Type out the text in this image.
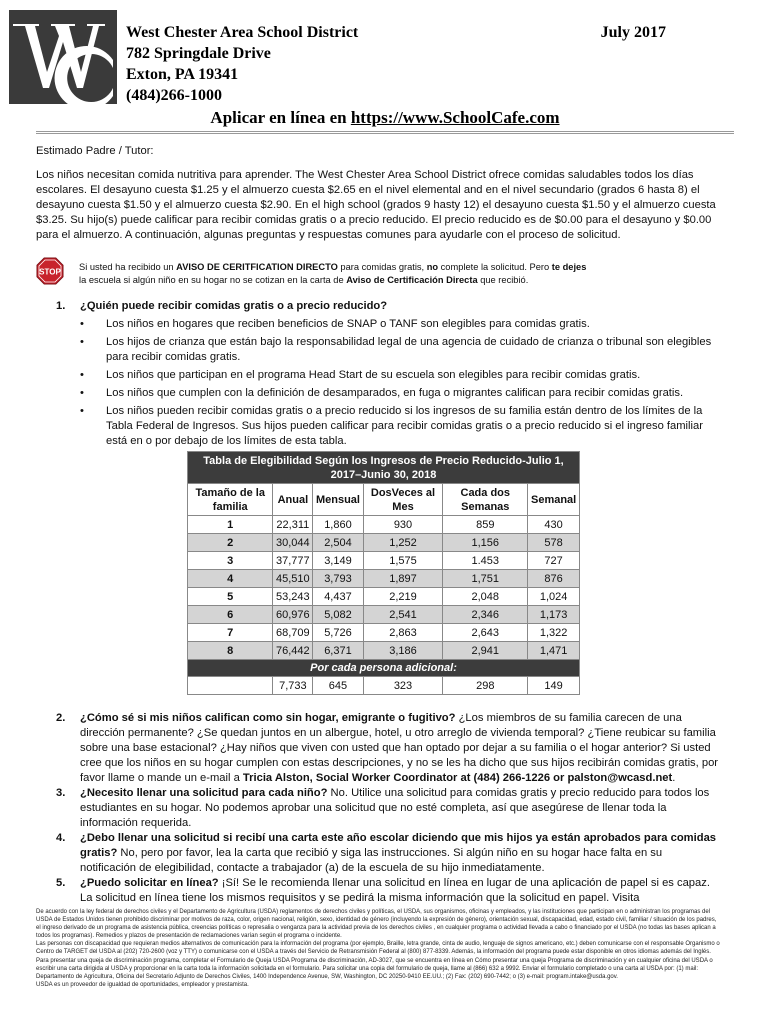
West Chester Area School District
782 Springdale Drive
Exton, PA 19341
(484)266-1000
July 2017
Aplicar en línea en https://www.SchoolCafe.com
Estimado Padre / Tutor:
Los niños necesitan comida nutritiva para aprender. The West Chester Area School District ofrece comidas saludables todos los días escolares. El desayuno cuesta $1.25 y el almuerzo cuesta $2.65 en el nivel elemental and en el nivel secundario (grados 6 hasta 8) el desayuno cuesta $1.50 y el almuerzo cuesta $2.90. En el high school (grados 9 hasty 12) el desayuno cuesta $1.50 y el almuerzo cuesta $3.25. Su hijo(s) puede calificar para recibir comidas gratis o a precio reducido. El precio reducido es de $0.00 para el desayuno y $0.00 para el almuerzo. A continuación, algunas preguntas y respuestas comunes para ayudarle con el proceso de solicitud.
STOP Si usted ha recibido un AVISO DE CERITFICATION DIRECTO para comidas gratis, no complete la solicitud. Pero te dejes
la escuela si algún niño en su hogar no se cotizan en la carta de Aviso de Certificación Directa que recibió.
1. ¿Quién puede recibir comidas gratis o a precio reducido?
• Los niños en hogares que reciben beneficios de SNAP o TANF son elegibles para comidas gratis.
• Los hijos de crianza que están bajo la responsabilidad legal de una agencia de cuidado de crianza o tribunal son elegibles para recibir comidas gratis.
• Los niños que participan en el programa Head Start de su escuela son elegibles para recibir comidas gratis.
• Los niños que cumplen con la definición de desamparados, en fuga o migrantes califican para recibir comidas gratis.
• Los niños pueden recibir comidas gratis o a precio reducido si los ingresos de su familia están dentro de los límites de la Tabla Federal de Ingresos. Sus hijos pueden calificar para recibir comidas gratis o a precio reducido si el ingreso familiar está en o por debajo de los límites de esta tabla.
Tabla de Elegibilidad Según los Ingresos de Precio Reducido-Julio 1, 2017–Junio 30, 2018					
Tamaño de la familia	Anual	Mensual	DosVeces al Mes	Cada dos Semanas	Semanal
1	22,311	1,860	930	859	430
2	30,044	2,504	1,252	1,156	578
3	37,777	3,149	1,575	1.453	727
4	45,510	3,793	1,897	1,751	876
5	53,243	4,437	2,219	2,048	1,024
6	60,976	5,082	2,541	2,346	1,173
7	68,709	5,726	2,863	2,643	1,322
8	76,442	6,371	3,186	2,941	1,471
Por cada persona adicional:					
	7,733	645	323	298	149
2. ¿Cómo sé si mis niños califican como sin hogar, emigrante o fugitivo? ¿Los miembros de su familia carecen de una dirección permanente? ¿Se quedan juntos en un albergue, hotel, u otro arreglo de vivienda temporal? ¿Tiene reubicar su familia sobre una base estacional? ¿Hay niños que viven con usted que han optado por dejar a su familia o el hogar anterior? Si usted cree que los niños en su hogar cumplen con estas descripciones, y no se les ha dicho que sus hijos recibirán comidas gratis, por favor llame o mande un e-mail a Tricia Alston, Social Worker Coordinator at (484) 266-1226 or palston@wcasd.net.
3. ¿Necesito llenar una solicitud para cada niño? No. Utilice una solicitud para comidas gratis y precio reducido para todos los estudiantes en su hogar. No podemos aprobar una solicitud que no esté completa, así que asegúrese de llenar toda la información requerida.
4. ¿Debo llenar una solicitud si recibí una carta este año escolar diciendo que mis hijos ya están aprobados para comidas gratis? No, pero por favor, lea la carta que recibió y siga las instrucciones. Si algún niño en su hogar hace falta en su notificación de elegibilidad, contacte a trabajador (a) de la escuela de su hijo inmediatamente.
5. ¿Puedo solicitar en línea? ¡Sí! Se le recomienda llenar una solicitud en línea en lugar de una aplicación de papel si es capaz. La solicitud en línea tiene los mismos requisitos y se pedirá la misma información que la solicitud en papel. Visita
De acuerdo con la ley federal de derechos civiles y el Departamento de Agricultura (USDA) reglamentos de derechos civiles y políticas, el USDA, sus organismos, oficinas y empleados, y las instituciones que participan en o administran los programas del USDA de Estados Unidos tienen prohibido discriminar por motivos de raza, color, origen nacional, religión, sexo, identidad de género (incluyendo la expresión de género), orientación sexual, discapacidad, edad, estado civil, familiar / situación de los padres, el ingreso derivado de un programa de asistencia pública, creencias políticas o represalia o venganza para la actividad previa de los derechos civiles , en cualquier programa o actividad llevada a cabo o financiado por el USDA (no todas las bases aplican a todos los programas). Remedios y plazos de presentación de reclamaciones varían según el programa o incidente.
Las personas con discapacidad que requieran medios alternativos de comunicación para la información del programa (por ejemplo, Braille, letra grande, cinta de audio, lenguaje de signos americano, etc.) deben comunicarse con el responsable Organismo o Centro de TARGET del USDA al (202) 720-2600 (voz y TTY) o comunicarse con el USDA a través del Servicio de Retransmisión Federal al (800) 877-8339. Además, la información del programa puede estar disponible en otros idiomas además del Inglés.
Para presentar una queja de discriminación programa, completar el Formulario de Queja USDA Programa de discriminación, AD-3027, que se encuentra en línea en Cómo presentar una queja Programa de discriminación y en cualquier oficina del USDA o escribir una carta dirigida al USDA y proporcionar en la carta toda la información solicitada en el formulario. Para solicitar una copia del formulario de queja, llame al (866) 632 a 9992. Enviar el formulario completado o una carta al USDA por: (1) mail: Departamento de Agricultura, Oficina del Secretario Adjunto de Derechos Civiles, 1400 Independence Avenue, SW, Washington, DC 20250-9410 EE.UU.; (2) Fax: (202) 690-7442; o (3) e-mail: program.intake@usda.gov.
USDA es un proveedor de igualdad de oportunidades, empleador y prestamista.
